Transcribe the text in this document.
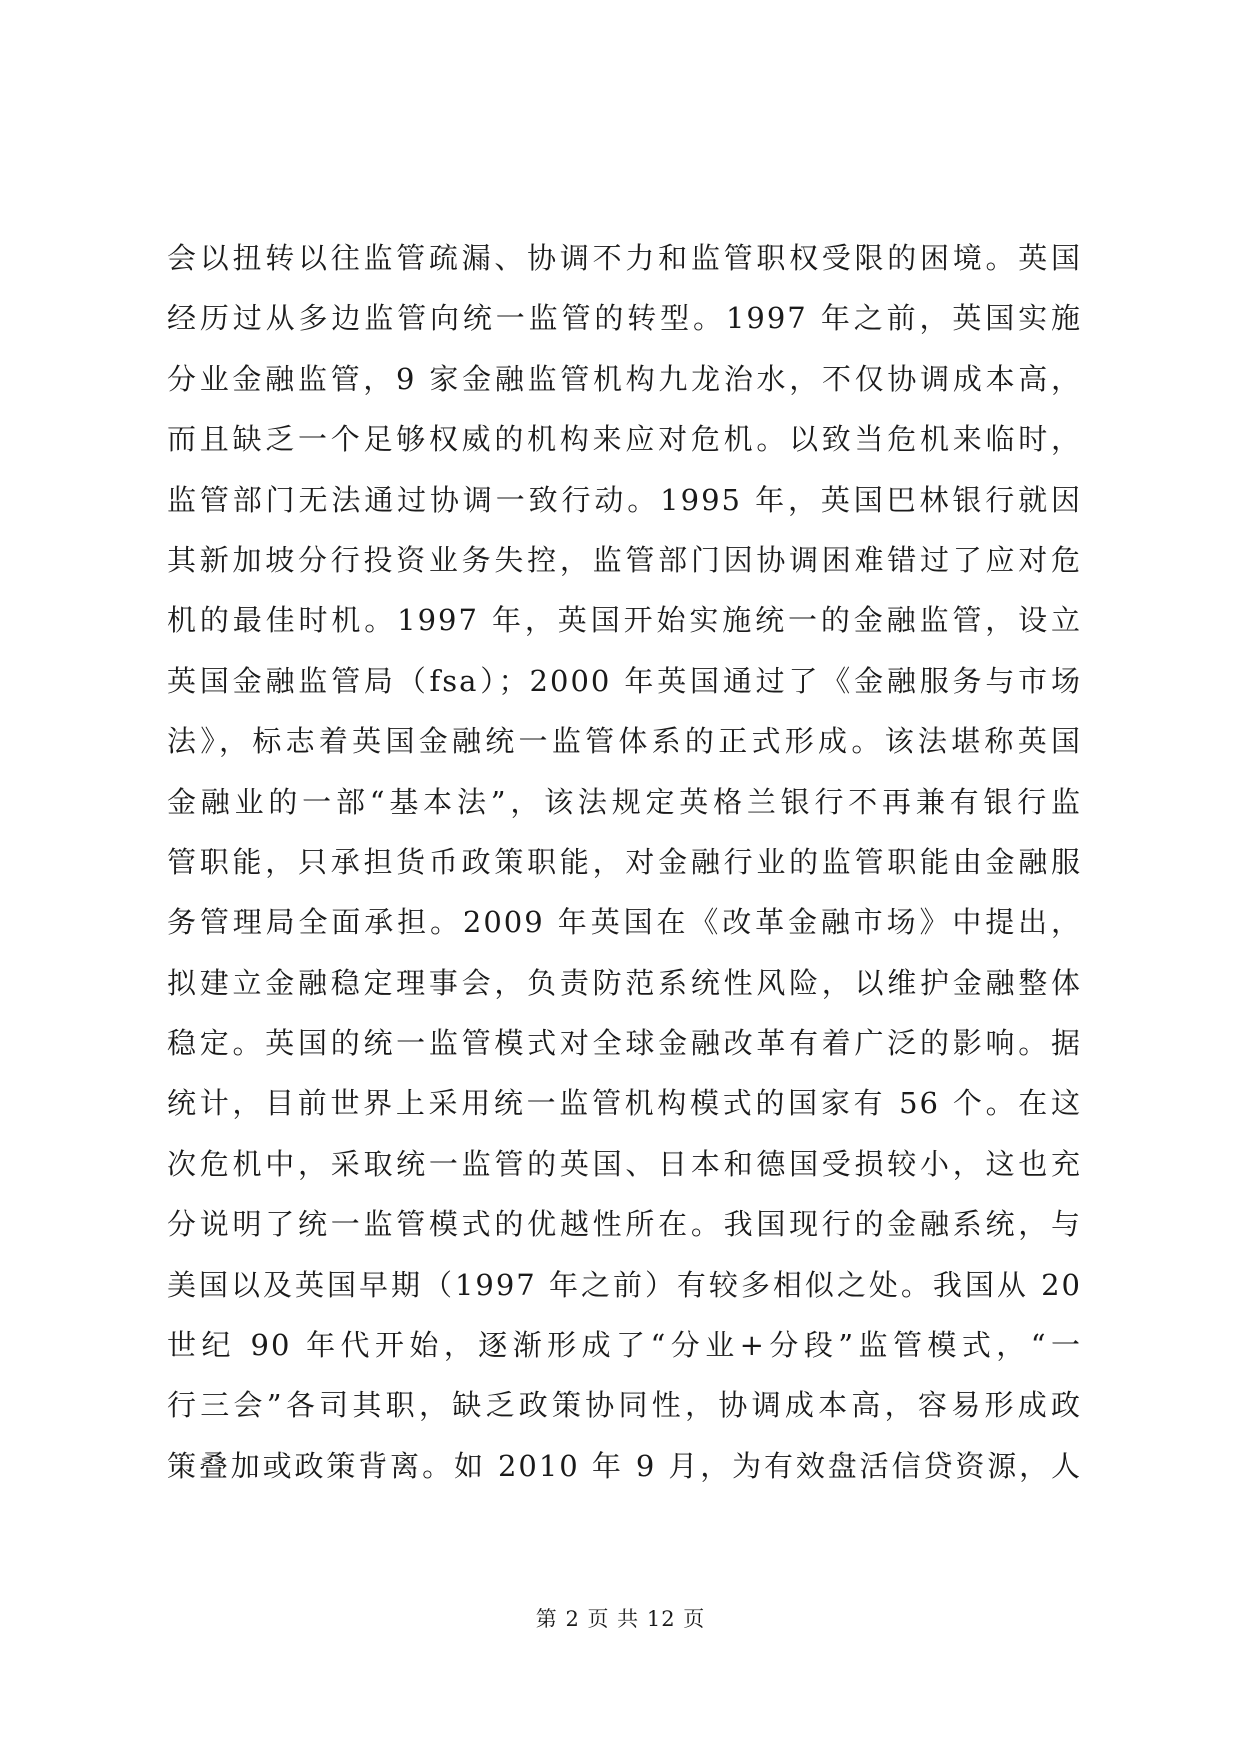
会以扭转以往监管疏漏、协调不力和监管职权受限的困境。英国
经历过从多边监管向统一监管的转型。1997 年之前，英国实施
分业金融监管，9 家金融监管机构九龙治水，不仅协调成本高，
而且缺乏一个足够权威的机构来应对危机。以致当危机来临时，
监管部门无法通过协调一致行动。1995 年，英国巴林银行就因
其新加坡分行投资业务失控，监管部门因协调困难错过了应对危
机的最佳时机。1997 年，英国开始实施统一的金融监管，设立
英国金融监管局（fsa）；2000 年英国通过了《金融服务与市场
法》，标志着英国金融统一监管体系的正式形成。该法堪称英国
金融业的一部“基本法”，该法规定英格兰银行不再兼有银行监
管职能，只承担货币政策职能，对金融行业的监管职能由金融服
务管理局全面承担。2009 年英国在《改革金融市场》中提出，
拟建立金融稳定理事会，负责防范系统性风险，以维护金融整体
稳定。英国的统一监管模式对全球金融改革有着广泛的影响。据
统计，目前世界上采用统一监管机构模式的国家有 56 个。在这
次危机中，采取统一监管的英国、日本和德国受损较小，这也充
分说明了统一监管模式的优越性所在。我国现行的金融系统，与
美国以及英国早期（1997 年之前）有较多相似之处。我国从 20
世纪 90 年代开始，逐渐形成了“分业+分段”监管模式，“一
行三会”各司其职，缺乏政策协同性，协调成本高，容易形成政
策叠加或政策背离。如 2010 年 9 月，为有效盘活信贷资源，人
第 2 页 共 12 页
